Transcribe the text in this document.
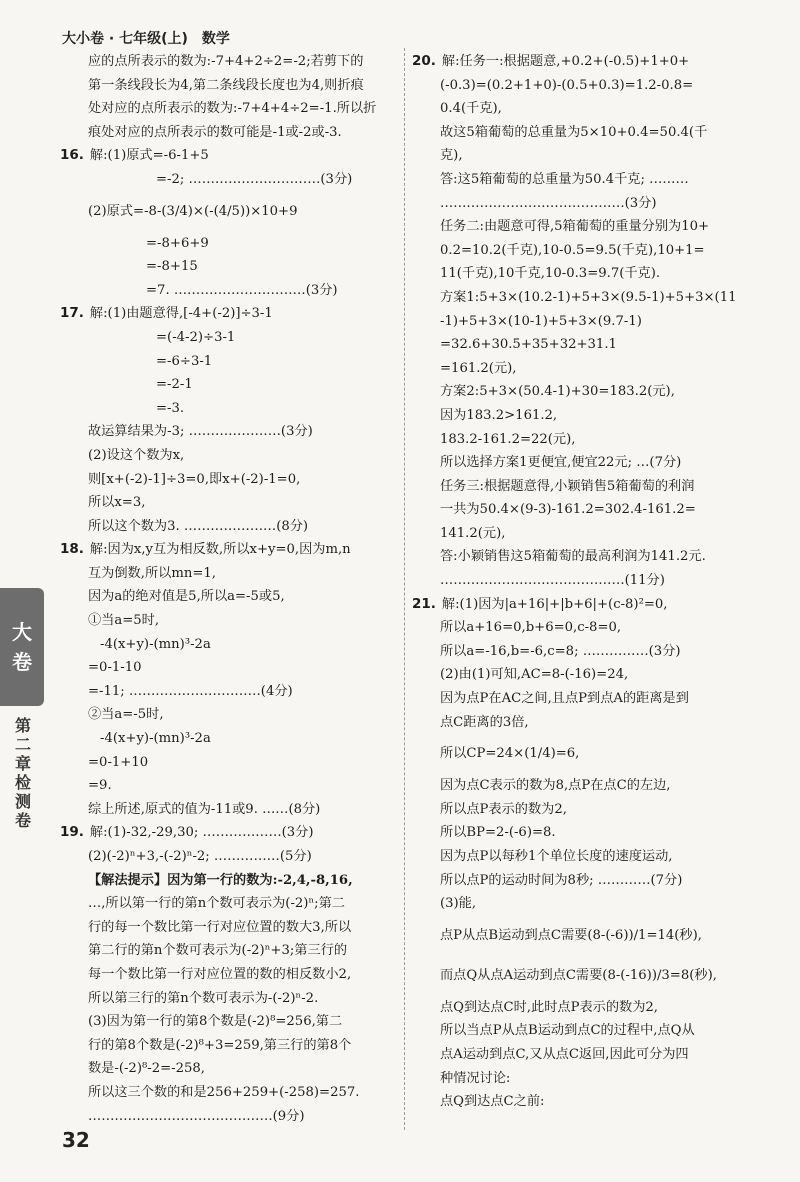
大小卷 · 七年级(上)　数学
应的点所表示的数为:-7+4+2÷2=-2;若剪下的
第一条线段长为4,第二条线段长度也为4,则折痕
处对应的点所表示的数为:-7+4+4÷2=-1.所以折
痕处对应的点所表示的数可能是-1或-2或-3.
16. 解:(1)原式=-6-1+5
=-2; …………………………(3分)
(2)原式=-8-(3/4)×(-(4/5))×10+9
=-8+6+9
=-8+15
=7. …………………………(3分)
17. 解:(1)由题意得,[-4+(-2)]÷3-1
=(-4-2)÷3-1
=-6÷3-1
=-2-1
=-3.
故运算结果为-3; …………………(3分)
(2)设这个数为x,
则[x+(-2)-1]÷3=0,即x+(-2)-1=0,
所以x=3,
所以这个数为3. …………………(8分)
18. 解:因为x,y互为相反数,所以x+y=0,因为m,n
互为倒数,所以mn=1,
因为a的绝对值是5,所以a=-5或5,
①当a=5时,
-4(x+y)-(mn)³-2a
=0-1-10
=-11; …………………………(4分)
②当a=-5时,
-4(x+y)-(mn)³-2a
=0-1+10
=9.
综上所述,原式的值为-11或9. ……(8分)
19. 解:(1)-32,-29,30; ………………(3分)
(2)(-2)ⁿ+3,-(-2)ⁿ-2; ……………(5分)
【解法提示】因为第一行的数为:-2,4,-8,16,
…,所以第一行的第n个数可表示为(-2)ⁿ;第二
行的每一个数比第一行对应位置的数大3,所以
第二行的第n个数可表示为(-2)ⁿ+3;第三行的
每一个数比第一行对应位置的数的相反数小2,
所以第三行的第n个数可表示为-(-2)ⁿ-2.
(3)因为第一行的第8个数是(-2)⁸=256,第二
行的第8个数是(-2)⁸+3=259,第三行的第8个
数是-(-2)⁸-2=-258,
所以这三个数的和是256+259+(-258)=257.
……………………………………(9分)
20. 解:任务一:根据题意,+0.2+(-0.5)+1+0+
(-0.3)=(0.2+1+0)-(0.5+0.3)=1.2-0.8=
0.4(千克),
故这5箱葡萄的总重量为5×10+0.4=50.4(千
克),
答:这5箱葡萄的总重量为50.4千克; ………
……………………………………(3分)
任务二:由题意可得,5箱葡萄的重量分别为10+
0.2=10.2(千克),10-0.5=9.5(千克),10+1=
11(千克),10千克,10-0.3=9.7(千克).
方案1:5+3×(10.2-1)+5+3×(9.5-1)+5+3×(11
-1)+5+3×(10-1)+5+3×(9.7-1)
=32.6+30.5+35+32+31.1
=161.2(元),
方案2:5+3×(50.4-1)+30=183.2(元),
因为183.2>161.2,
183.2-161.2=22(元),
所以选择方案1更便宜,便宜22元; …(7分)
任务三:根据题意得,小颖销售5箱葡萄的利润
一共为50.4×(9-3)-161.2=302.4-161.2=
141.2(元),
答:小颖销售这5箱葡萄的最高利润为141.2元.
……………………………………(11分)
21. 解:(1)因为|a+16|+|b+6|+(c-8)²=0,
所以a+16=0,b+6=0,c-8=0,
所以a=-16,b=-6,c=8; ……………(3分)
(2)由(1)可知,AC=8-(-16)=24,
因为点P在AC之间,且点P到点A的距离是到
点C距离的3倍,
所以CP=24×(1/4)=6,
因为点C表示的数为8,点P在点C的左边,
所以点P表示的数为2,
所以BP=2-(-6)=8.
因为点P以每秒1个单位长度的速度运动,
所以点P的运动时间为8秒; …………(7分)
(3)能,
点P从点B运动到点C需要(8-(-6))/1=14(秒),
而点Q从点A运动到点C需要(8-(-16))/3=8(秒),
点Q到达点C时,此时点P表示的数为2,
所以当点P从点B运动到点C的过程中,点Q从
点A运动到点C,又从点C返回,因此可分为四
种情况讨论:
点Q到达点C之前:
大
卷
第
二
章
检
测
卷
32
